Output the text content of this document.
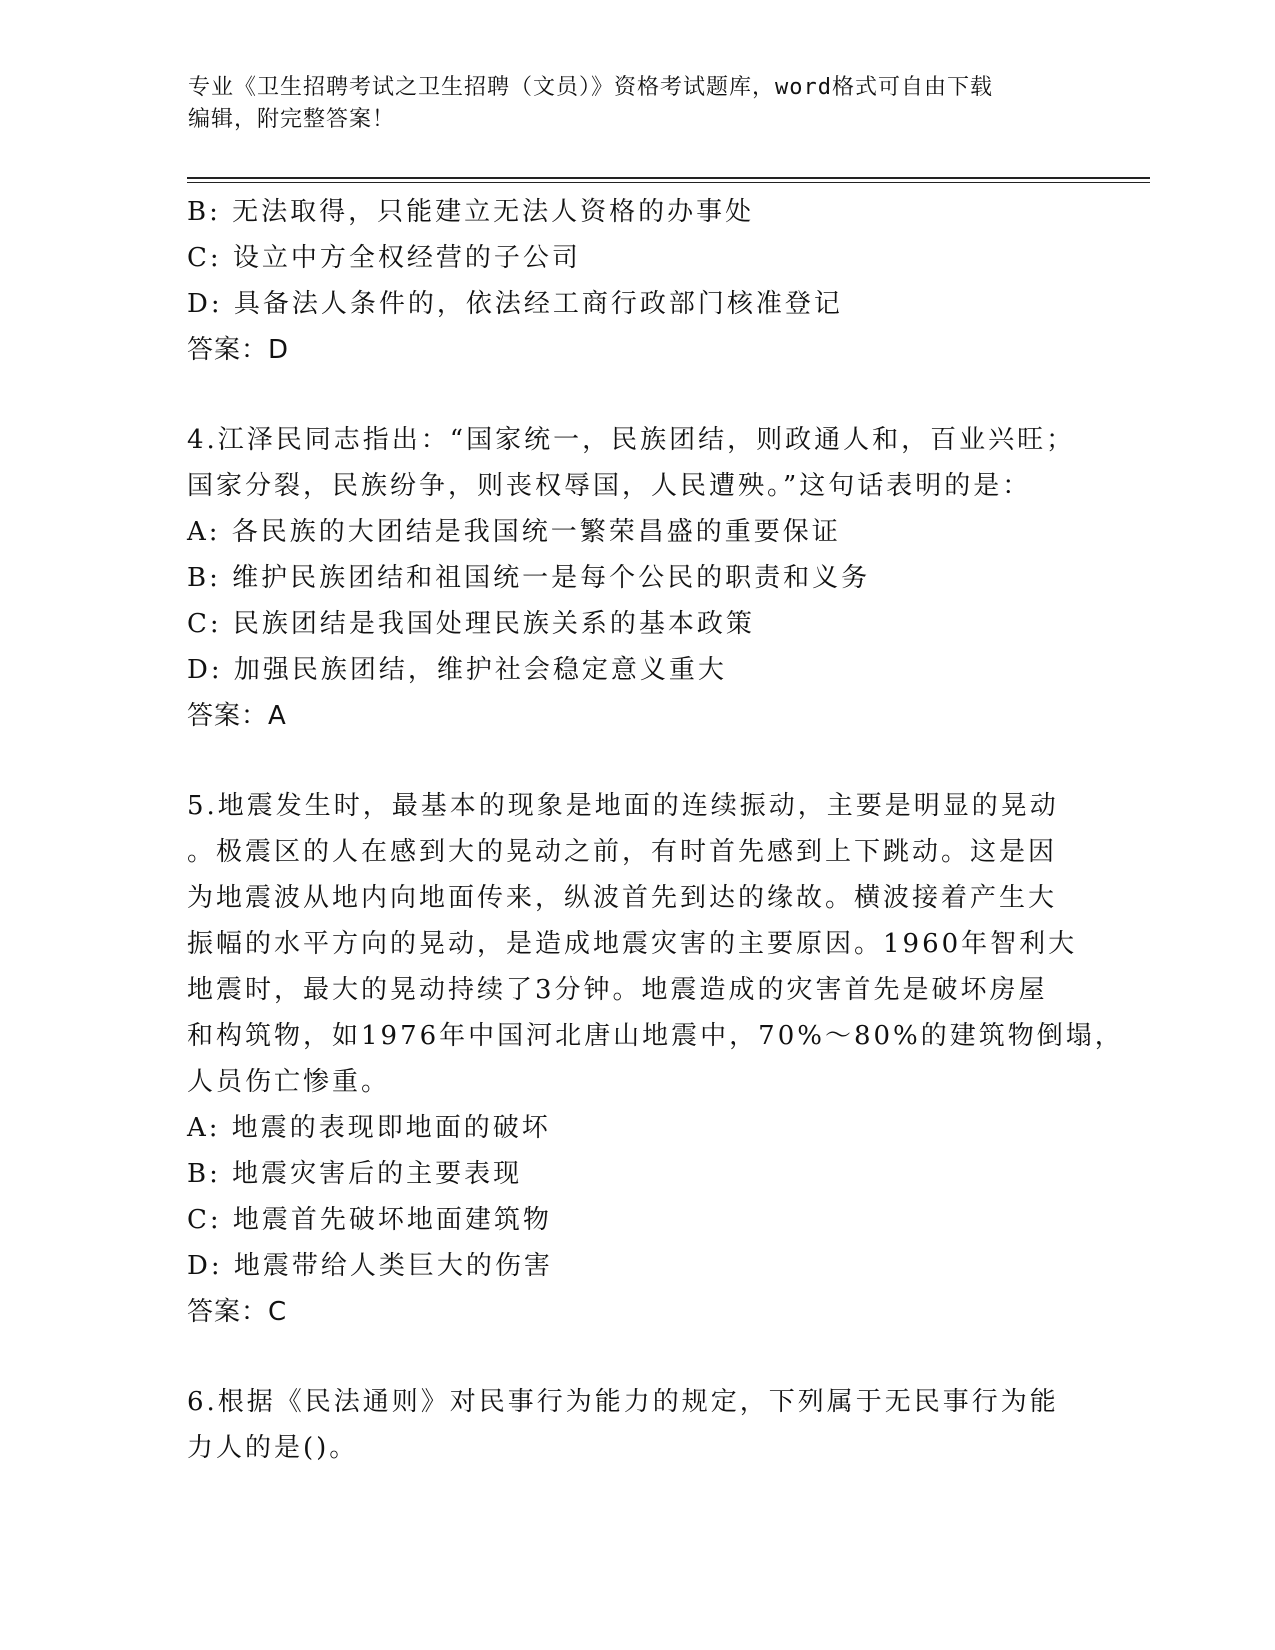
专业《卫生招聘考试之卫生招聘（文员）》资格考试题库，word格式可自由下载
编辑，附完整答案！
B: 无法取得，只能建立无法人资格的办事处
C: 设立中方全权经营的子公司
D: 具备法人条件的，依法经工商行政部门核准登记
答案：D
4.江泽民同志指出：“国家统一，民族团结，则政通人和，百业兴旺；
国家分裂，民族纷争，则丧权辱国，人民遭殃。”这句话表明的是：
A: 各民族的大团结是我国统一繁荣昌盛的重要保证
B: 维护民族团结和祖国统一是每个公民的职责和义务
C: 民族团结是我国处理民族关系的基本政策
D: 加强民族团结，维护社会稳定意义重大
答案：A
5.地震发生时，最基本的现象是地面的连续振动，主要是明显的晃动
。极震区的人在感到大的晃动之前，有时首先感到上下跳动。这是因
为地震波从地内向地面传来，纵波首先到达的缘故。横波接着产生大
振幅的水平方向的晃动，是造成地震灾害的主要原因。1960年智利大
地震时，最大的晃动持续了3分钟。地震造成的灾害首先是破坏房屋
和构筑物，如1976年中国河北唐山地震中，70%～80%的建筑物倒塌，
人员伤亡惨重。
A: 地震的表现即地面的破坏
B: 地震灾害后的主要表现
C: 地震首先破坏地面建筑物
D: 地震带给人类巨大的伤害
答案：C
6.根据《民法通则》对民事行为能力的规定，下列属于无民事行为能
力人的是()。
